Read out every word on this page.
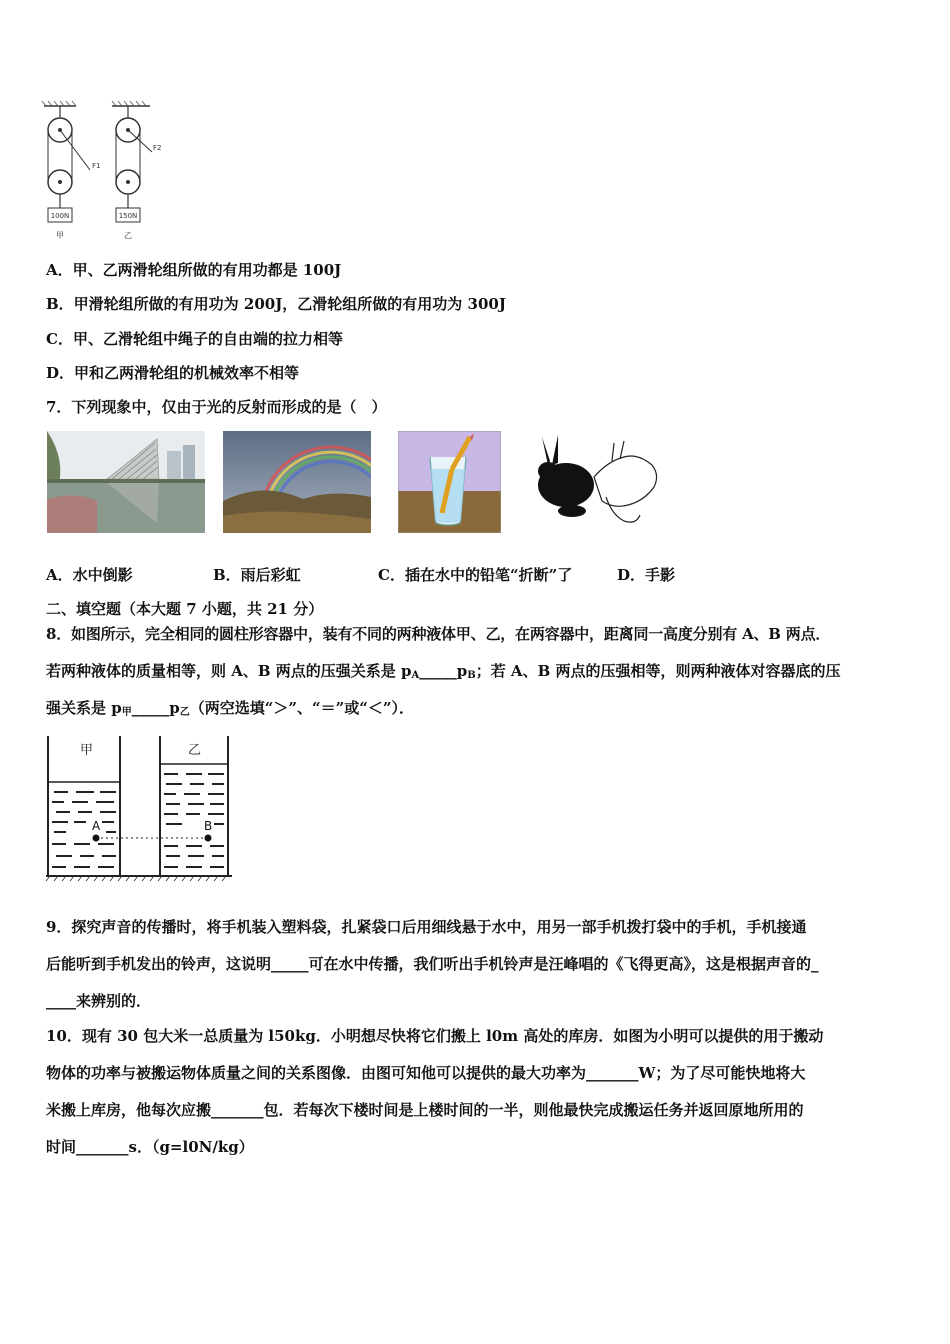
100N
F1
甲
150N
F2
乙
A．甲、乙两滑轮组所做的有用功都是 100J
B．甲滑轮组所做的有用功为 200J，乙滑轮组所做的有用功为 300J
C．甲、乙滑轮组中绳子的自由端的拉力相等
D．甲和乙两滑轮组的机械效率不相等
7．下列现象中，仅由于光的反射而形成的是（　）
A．水中倒影	B．雨后彩虹	C．插在水中的铅笔“折断”了	D．手影
二、填空题（本大题 7 小题，共 21 分）
8．如图所示，完全相同的圆柱形容器中，装有不同的两种液体甲、乙，在两容器中，距离同一高度分别有 A、B 两点．
若两种液体的质量相等，则 A、B 两点的压强关系是 $p_A\_\_\_\_\_p_B$；若 A、B 两点的压强相等，则两种液体对容器底的压
强关系是 $p_甲\_\_\_\_\_p_乙$（两空选填“＞”、“＝”或“＜”）．
A	B
甲	乙
9．探究声音的传播时，将手机装入塑料袋，扎紧袋口后用细线悬于水中，用另一部手机拨打袋中的手机，手机接通
后能听到手机发出的铃声，这说明_____可在水中传播，我们听出手机铃声是汪峰唱的《飞得更高》，这是根据声音的_
____来辨别的．
10．现有 30 包大米一总质量为 l50kg．小明想尽快将它们搬上 l0m 高处的库房．如图为小明可以提供的用于搬动
物体的功率与被搬运物体质量之间的关系图像．由图可知他可以提供的最大功率为_______W；为了尽可能快地将大
米搬上库房，他每次应搬_______包．若每次下楼时间是上楼时间的一半，则他最快完成搬运任务并返回原地所用的
时间_______s．（g=l0N/kg）
